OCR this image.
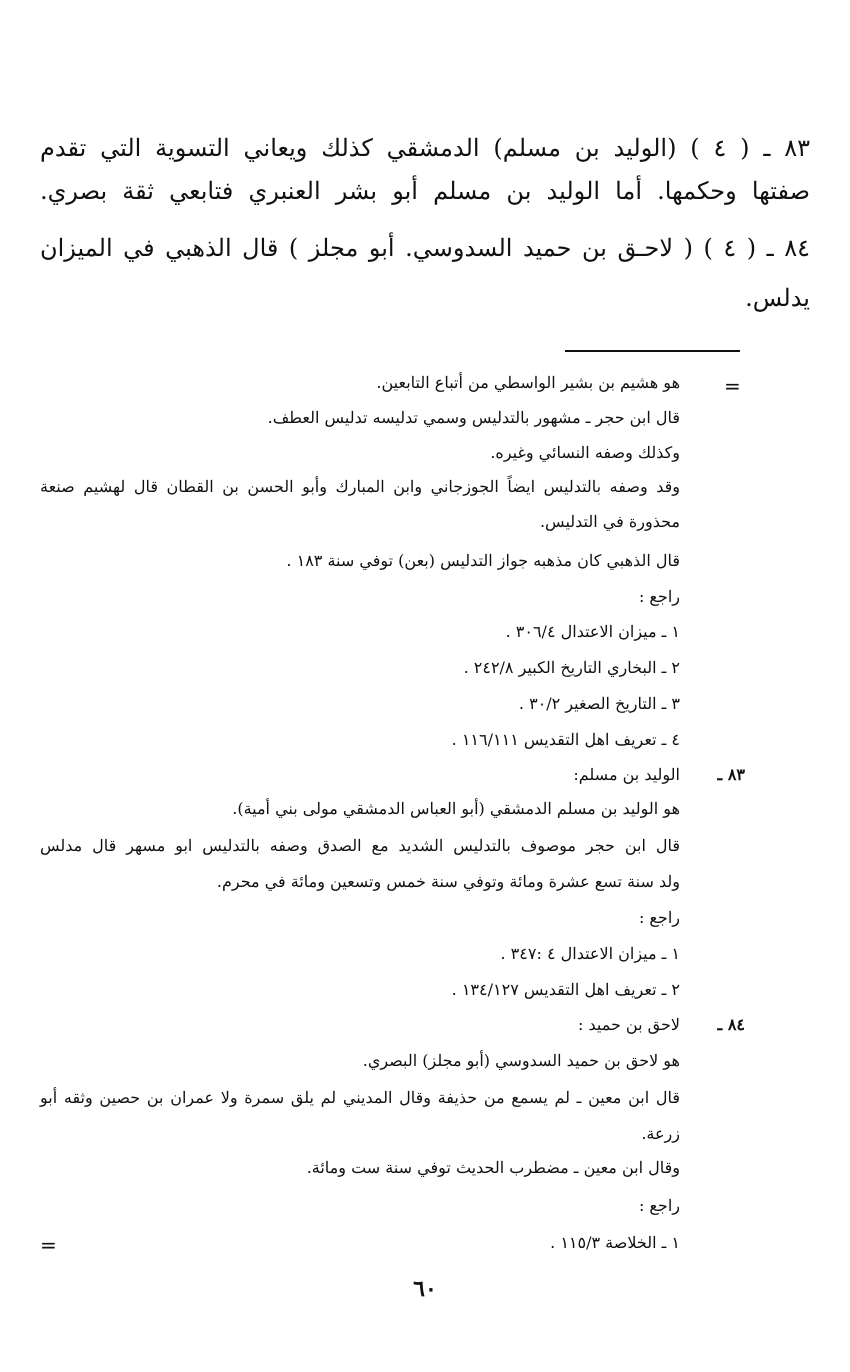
٨٣ ـ ( ٤ ) (الوليد بن مسلم) الدمشقي كذلك ويعاني التسوية التي تقدم
صفتها وحكمها. أما الوليد بن مسلم أبو بشر العنبري فتابعي ثقة بصري.
٨٤ ـ ( ٤ ) ( لاحـق بن حميد السدوسي. أبو مجلز ) قال الذهبي في الميزان
يدلس.
=
=
هو هشيم بن بشير الواسطي من أتباع التابعين.
قال ابن حجر ـ مشهور بالتدليس وسمي تدليسه تدليس العطف.
وكذلك وصفه النسائي وغيره.
وقد وصفه بالتدليس ايضاً الجوزجاني وابن المبارك وأبو الحسن بن القطان قال لهشيم صنعة
محذورة في التدليس.
قال الذهبي كان مذهبه جواز التدليس (بعن) توفي سنة ١٨٣ .
راجع :
١ ـ ميزان الاعتدال ٣٠٦/٤ .
٢ ـ البخاري التاريخ الكبير ٢٤٢/٨ .
٣ ـ التاريخ الصغير ٣٠/٢ .
٤ ـ تعريف اهل التقديس ١١٦/١١١ .
٨٣ ـ
الوليد بن مسلم:
هو الوليد بن مسلم الدمشقي (أبو العباس الدمشقي مولى بني أمية).
قال ابن حجر موصوف بالتدليس الشديد مع الصدق وصفه بالتدليس ابو مسهر قال مدلس
ولد سنة تسع عشرة ومائة وتوفي سنة خمس وتسعين ومائة في محرم.
راجع :
١ ـ ميزان الاعتدال ٤ :٣٤٧ .
٢ ـ تعريف اهل التقديس ١٣٤/١٢٧ .
٨٤ ـ
لاحق بن حميد :
هو لاحق بن حميد السدوسي (أبو مجلز) البصري.
قال ابن معين ـ لم يسمع من حذيفة وقال المديني لم يلق سمرة ولا عمران بن حصين وثقه أبو
زرعة.
وقال ابن معين ـ مضطرب الحديث توفي سنة ست ومائة.
راجع :
١ ـ الخلاصة ١١٥/٣ .
٦٠
